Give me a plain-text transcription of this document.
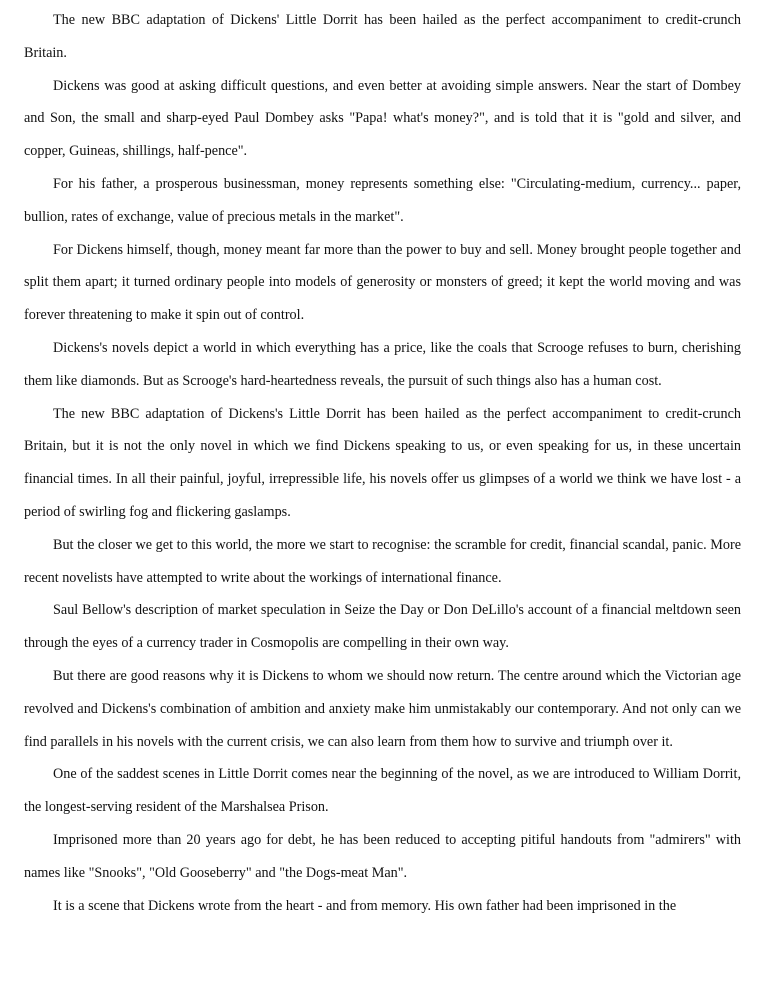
The new BBC adaptation of Dickens' Little Dorrit has been hailed as the perfect accompaniment to credit-crunch Britain.

Dickens was good at asking difficult questions, and even better at avoiding simple answers. Near the start of Dombey and Son, the small and sharp-eyed Paul Dombey asks "Papa! what's money?", and is told that it is "gold and silver, and copper, Guineas, shillings, half-pence".

For his father, a prosperous businessman, money represents something else: "Circulating-medium, currency... paper, bullion, rates of exchange, value of precious metals in the market".

For Dickens himself, though, money meant far more than the power to buy and sell. Money brought people together and split them apart; it turned ordinary people into models of generosity or monsters of greed; it kept the world moving and was forever threatening to make it spin out of control.

Dickens's novels depict a world in which everything has a price, like the coals that Scrooge refuses to burn, cherishing them like diamonds. But as Scrooge's hard-heartedness reveals, the pursuit of such things also has a human cost.

The new BBC adaptation of Dickens's Little Dorrit has been hailed as the perfect accompaniment to credit-crunch Britain, but it is not the only novel in which we find Dickens speaking to us, or even speaking for us, in these uncertain financial times. In all their painful, joyful, irrepressible life, his novels offer us glimpses of a world we think we have lost - a period of swirling fog and flickering gaslamps.

But the closer we get to this world, the more we start to recognise: the scramble for credit, financial scandal, panic. More recent novelists have attempted to write about the workings of international finance.

Saul Bellow's description of market speculation in Seize the Day or Don DeLillo's account of a financial meltdown seen through the eyes of a currency trader in Cosmopolis are compelling in their own way.

But there are good reasons why it is Dickens to whom we should now return. The centre around which the Victorian age revolved and Dickens's combination of ambition and anxiety make him unmistakably our contemporary. And not only can we find parallels in his novels with the current crisis, we can also learn from them how to survive and triumph over it.

One of the saddest scenes in Little Dorrit comes near the beginning of the novel, as we are introduced to William Dorrit, the longest-serving resident of the Marshalsea Prison.

Imprisoned more than 20 years ago for debt, he has been reduced to accepting pitiful handouts from "admirers" with names like "Snooks", "Old Gooseberry" and "the Dogs-meat Man".

It is a scene that Dickens wrote from the heart - and from memory. His own father had been imprisoned in the
